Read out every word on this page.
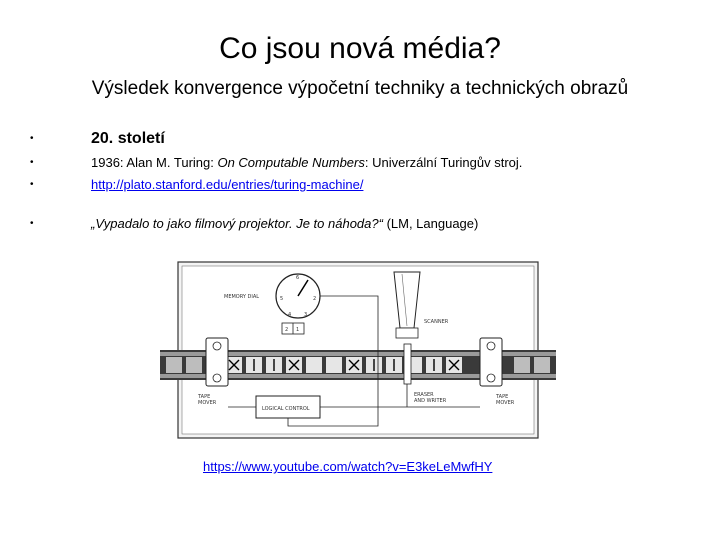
Co jsou nová média?
Výsledek konvergence výpočetní techniky a technických obrazů
•	20. století
•	1936: Alan M. Turing: On Computable Numbers: Univerzální Turingův stroj.
•	http://plato.stanford.edu/entries/turing-machine/
•	„Vypadalo to jako filmový projektor. Je to náhoda?“ (LM, Language)
6
5	2
4	3
MEMORY DIAL
2 1
SCANNER
TAPE MOVER
TAPE MOVER
ERASER AND WRITER
LOGICAL CONTROL
https://www.youtube.com/watch?v=E3keLeMwfHY
